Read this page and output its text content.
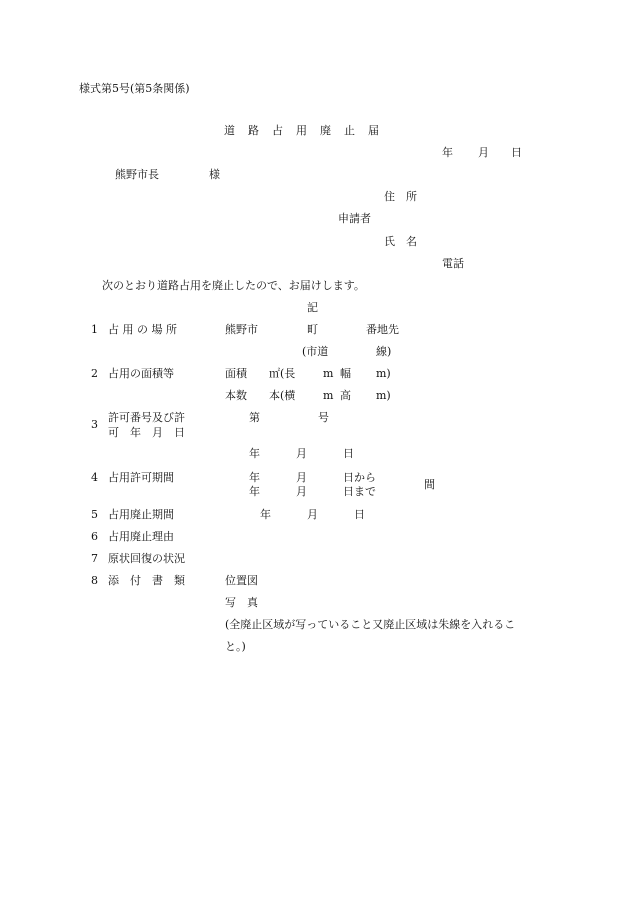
様式第5号(第5条関係)
道　路　占　用　廃　止　届
年 月 日
熊野市長	様
住　所
申請者
氏　名
電話
次のとおり道路占用を廃止したので、お届けします。
記
1 占 用 の 場 所	熊野市	町	番地先
(市道	線)
2 占用の面積等	面積 ㎡(長	m 幅 m)
本数 本(横	m 高 m)
3
許可番号及び許
可　年　月　日
第	号
年	月	日
4 占用許可期間	年	月	日から
年	月	日まで
間
5 占用廃止期間	年	月	日
6 占用廃止理由
7 原状回復の状況
8 添　付　書　類	位置図
写　真
(全廃止区域が写っていること又廃止区域は朱線を入れるこ
と。)
